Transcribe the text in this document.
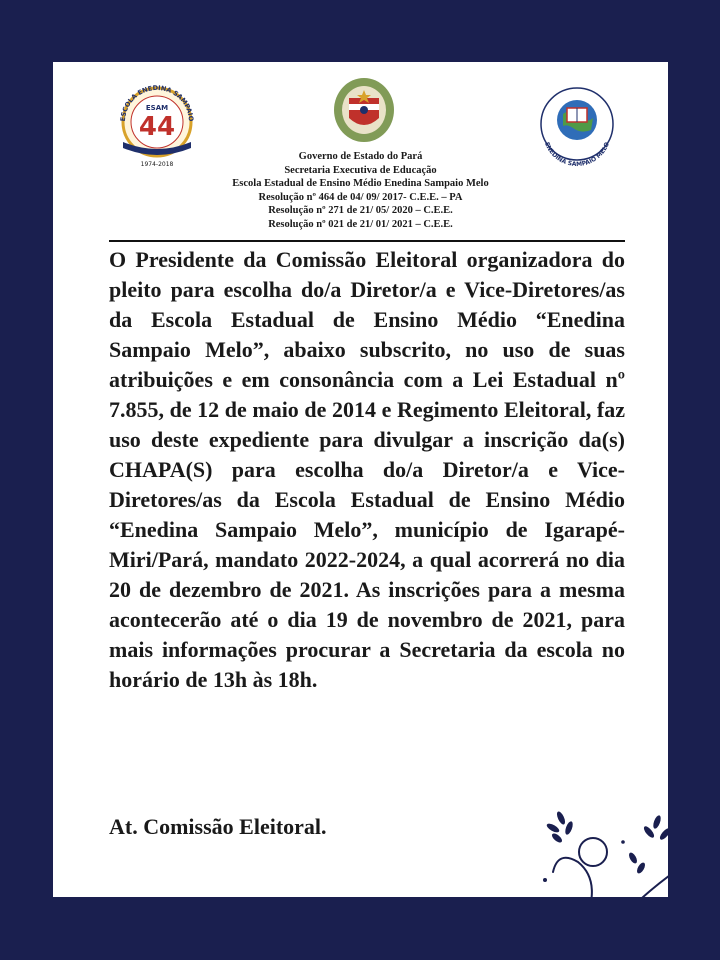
ESCOLA ENEDINA SAMPAIO
ESAM
44
1974-2018
ENEDINA SAMPAIO MELO
Governo de Estado do Pará
Secretaria Executiva de Educação
Escola Estadual de Ensino Médio Enedina Sampaio Melo
Resolução nº 464 de 04/ 09/ 2017- C.E.E. – PA
Resolução nº 271 de 21/ 05/ 2020 – C.E.E.
Resolução nº 021 de 21/ 01/ 2021 – C.E.E.
O Presidente da Comissão Eleitoral organizadora do pleito para escolha do/a Diretor/a e Vice-Diretores/as da Escola Estadual de Ensino Médio “Enedina Sampaio Melo”, abaixo subscrito, no uso de suas atribuições e em consonância com a Lei Estadual nº 7.855, de 12 de maio de 2014 e Regimento Eleitoral, faz uso deste expediente para divulgar a inscrição da(s) CHAPA(S) para escolha do/a Diretor/a e Vice-Diretores/as da Escola Estadual de Ensino Médio “Enedina Sampaio Melo”, município de Igarapé-Miri/Pará, mandato 2022-2024, a qual acorrerá no dia 20 de dezembro de 2021. As inscrições para a mesma acontecerão até o dia 19 de novembro de 2021, para mais informações procurar a Secretaria da escola no horário de 13h às 18h.
At. Comissão Eleitoral.
